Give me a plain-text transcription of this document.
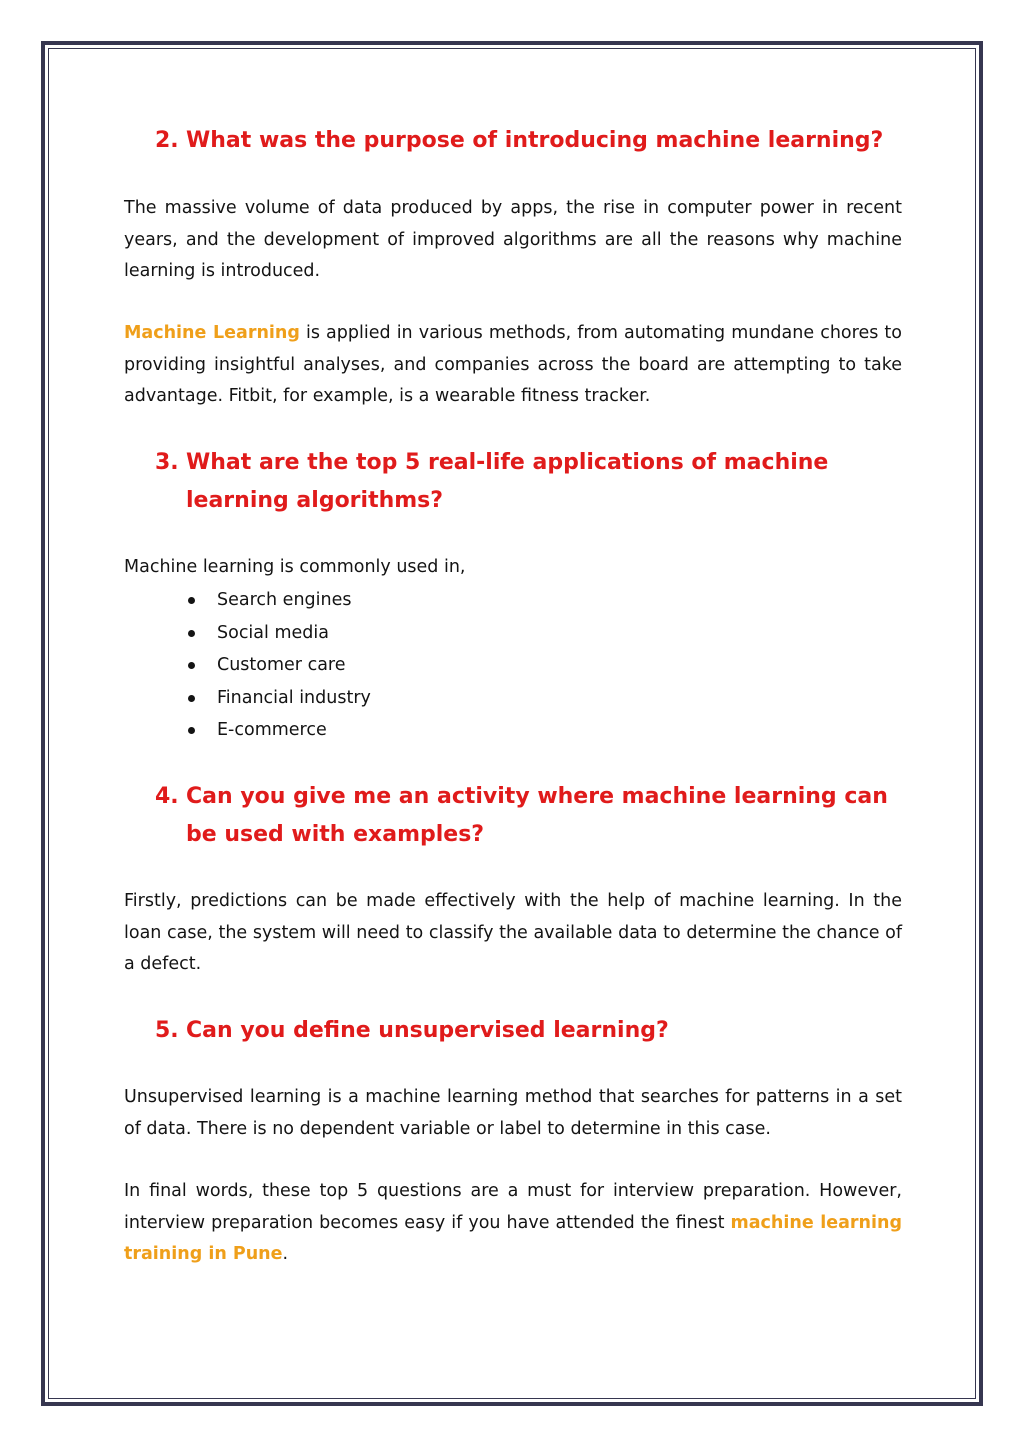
2. What was the purpose of introducing machine learning?

The massive volume of data produced by apps, the rise in computer power in recent years, and the development of improved algorithms are all the reasons why machine learning is introduced.

Machine Learning is applied in various methods, from automating mundane chores to providing insightful analyses, and companies across the board are attempting to take advantage. Fitbit, for example, is a wearable fitness tracker.

3. What are the top 5 real-life applications of machine learning algorithms?

Machine learning is commonly used in,

Search engines
Social media
Customer care
Financial industry
E-commerce
4. Can you give me an activity where machine learning can be used with examples?

Firstly, predictions can be made effectively with the help of machine learning. In the loan case, the system will need to classify the available data to determine the chance of a defect.

5. Can you define unsupervised learning?

Unsupervised learning is a machine learning method that searches for patterns in a set of data. There is no dependent variable or label to determine in this case.

In final words, these top 5 questions are a must for interview preparation. However, interview preparation becomes easy if you have attended the finest machine learning training in Pune.
